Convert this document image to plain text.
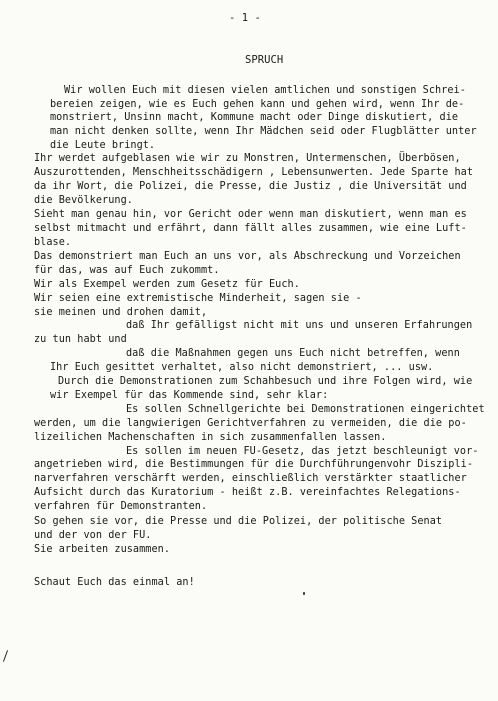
- 1 -
SPRUCH
Wir wollen Euch mit diesen vielen amtlichen und sonstigen Schrei-
bereien zeigen, wie es Euch gehen kann und gehen wird, wenn Ihr de-
monstriert, Unsinn macht, Kommune macht oder Dinge diskutiert, die
man nicht denken sollte, wenn Ihr Mädchen seid oder Flugblätter unter
die Leute bringt.
Ihr werdet aufgeblasen wie wir zu Monstren, Untermenschen, Überbösen,
Auszurottenden, Menschheitsschädigern , Lebensunwerten. Jede Sparte hat
da ihr Wort, die Polizei, die Presse, die Justiz , die Universität und
die Bevölkerung.
Sieht man genau hin, vor Gericht oder wenn man diskutiert, wenn man es
selbst mitmacht und erfährt, dann fällt alles zusammen, wie eine Luft-
blase.
Das demonstriert man Euch an uns vor, als Abschreckung und Vorzeichen
für das, was auf Euch zukommt.
Wir als Exempel werden zum Gesetz für Euch.
Wir seien eine extremistische Minderheit, sagen sie -
sie meinen und drohen damit,
daß Ihr gefälligst nicht mit uns und unseren Erfahrungen
zu tun habt und
daß die Maßnahmen gegen uns Euch nicht betreffen, wenn
Ihr Euch gesittet verhaltet, also nicht demonstriert, ... usw.
Durch die Demonstrationen zum Schahbesuch und ihre Folgen wird, wie
wir Exempel für das Kommende sind, sehr klar:
Es sollen Schnellgerichte bei Demonstrationen eingerichtet
werden, um die langwierigen Gerichtverfahren zu vermeiden, die die po-
lizeilichen Machenschaften in sich zusammenfallen lassen.
Es sollen im neuen FU-Gesetz, das jetzt beschleunigt vor-
angetrieben wird, die Bestimmungen für die Durchführungenvohr Diszipli-
narverfahren verschärft werden, einschließlich verstärkter staatlicher
Aufsicht durch das Kuratorium - heißt z.B. vereinfachtes Relegations-
verfahren für Demonstranten.
So gehen sie vor, die Presse und die Polizei, der politische Senat
und der von der FU.
Sie arbeiten zusammen.
Schaut Euch das einmal an!
